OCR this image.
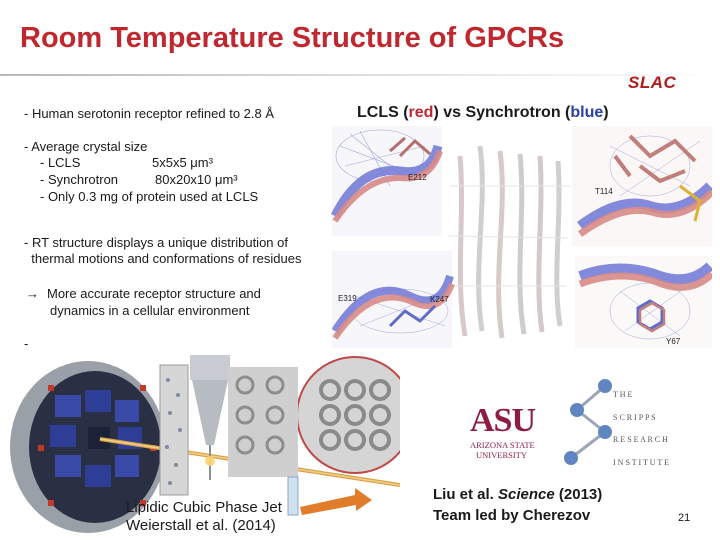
Room Temperature Structure of GPCRs
SLAC
- Human serotonin receptor refined to 2.8 Å
- Average crystal size
- LCLS	5x5x5 μm³
- Synchrotron	80x20x10 μm³
- Only 0.3 mg of protein used at LCLS
- RT structure displays a unique distribution of
thermal motions and conformations of residues
→ More accurate receptor structure and
dynamics in a cellular environment
-
LCLS (red) vs Synchrotron (blue)
E212
T114
E319	K247
Y67
Lipidic Cubic Phase Jet
Weierstall et al. (2014)
ASU
ARIZONA STATE
UNIVERSITY
T H E
S C R I P P S
R E S E A R C H
I N S T I T U T E
Liu et al. Science (2013)
Team led by Cherezov	21
